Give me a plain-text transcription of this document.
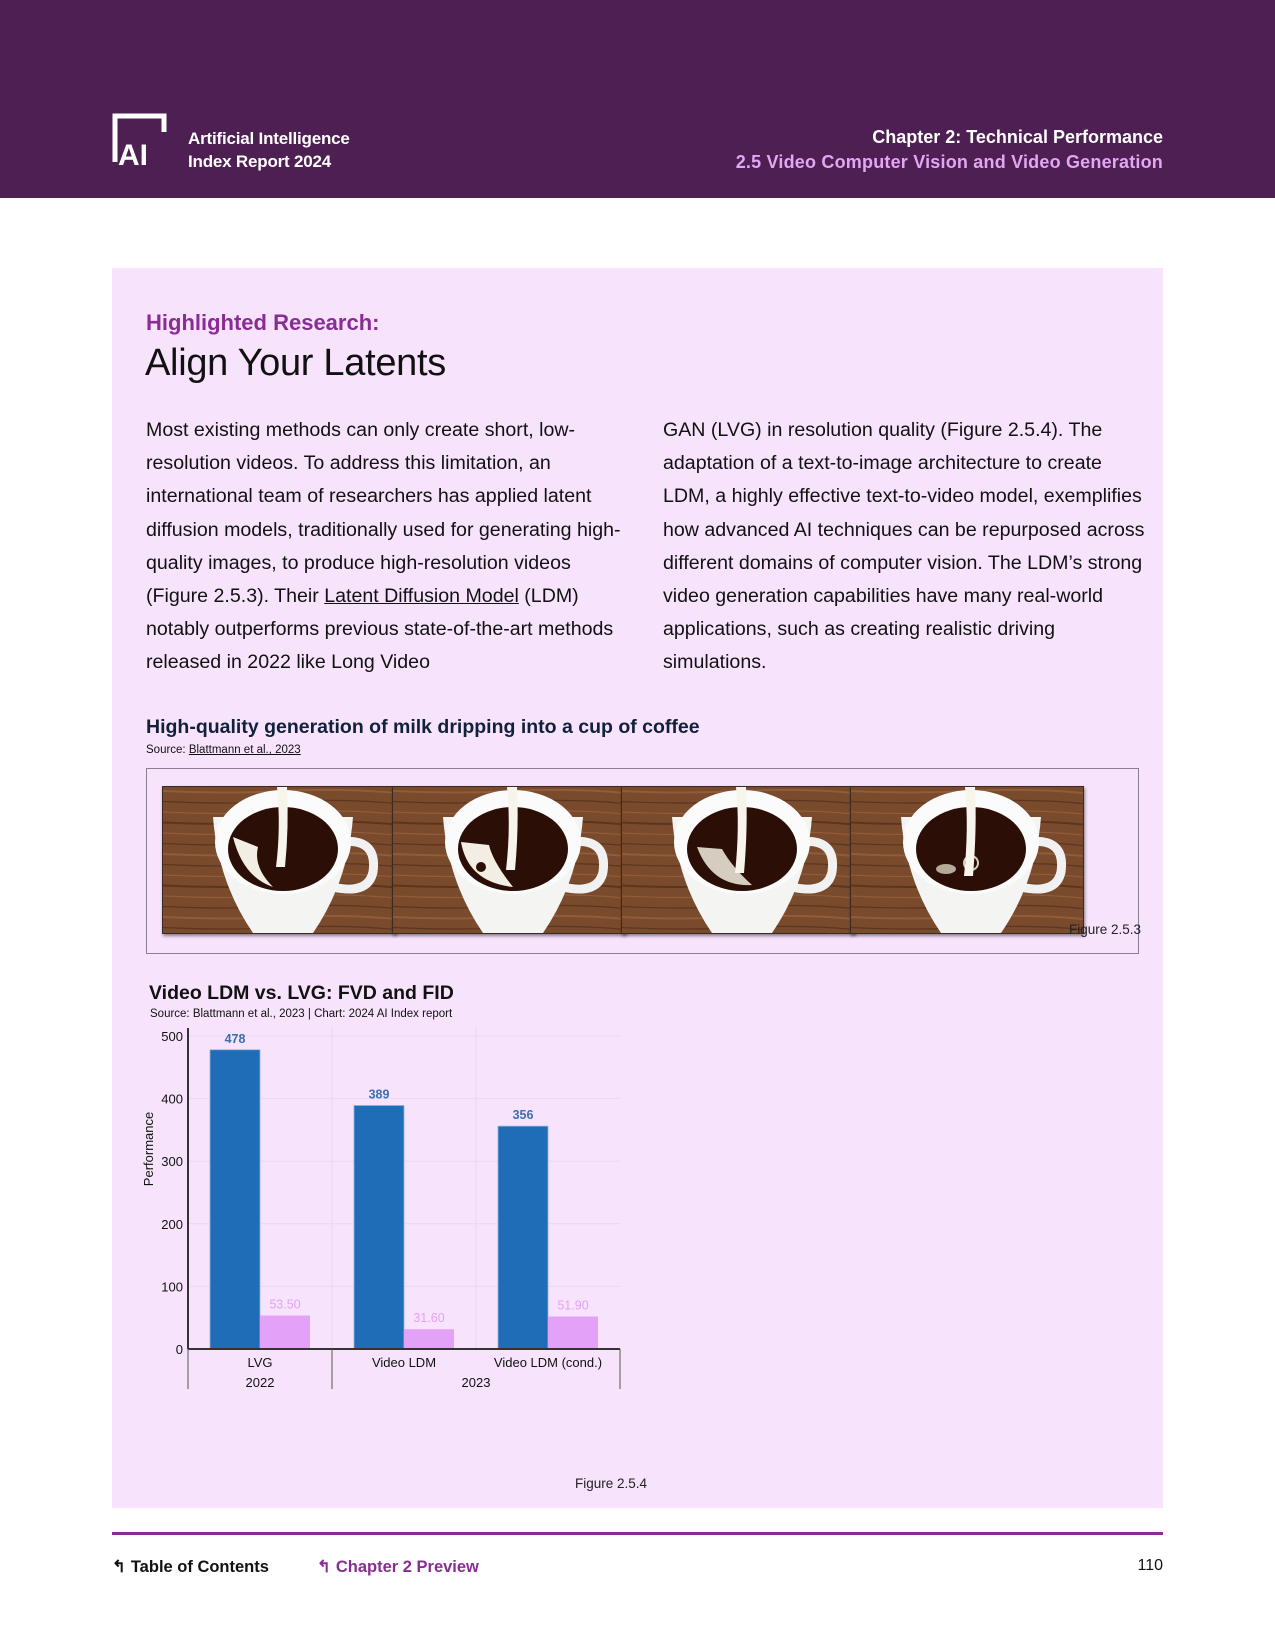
AI
Artificial Intelligence
Index Report 2024
Chapter 2: Technical Performance
2.5 Video Computer Vision and Video Generation
Highlighted Research:
Align Your Latents
Most existing methods can only create short, low-resolution videos. To address this limitation, an international team of researchers has applied latent diffusion models, traditionally used for generating high-quality images, to produce high-resolution videos (Figure 2.5.3). Their Latent Diffusion Model (LDM) notably outperforms previous state-of-the-art methods released in 2022 like Long Video
GAN (LVG) in resolution quality (Figure 2.5.4). The adaptation of a text-to-image architecture to create LDM, a highly effective text-to-video model, exemplifies how advanced AI techniques can be repurposed across different domains of computer vision. The LDM’s strong video generation capabilities have many real-world applications, such as creating realistic driving simulations.
High-quality generation of milk dripping into a cup of coffee
Source: Blattmann et al., 2023
Figure 2.5.3
Video LDM vs. LVG: FVD and FID
Source: Blattmann et al., 2023 | Chart: 2024 AI Index report
0
100
200
300
400
500
Performance
478
53.50
LVG
389
31.60
Video LDM
356
51.90
Video LDM (cond.)
2022	2023
Figure 2.5.4
↰ Table of Contents	↰ Chapter 2 Preview	110
